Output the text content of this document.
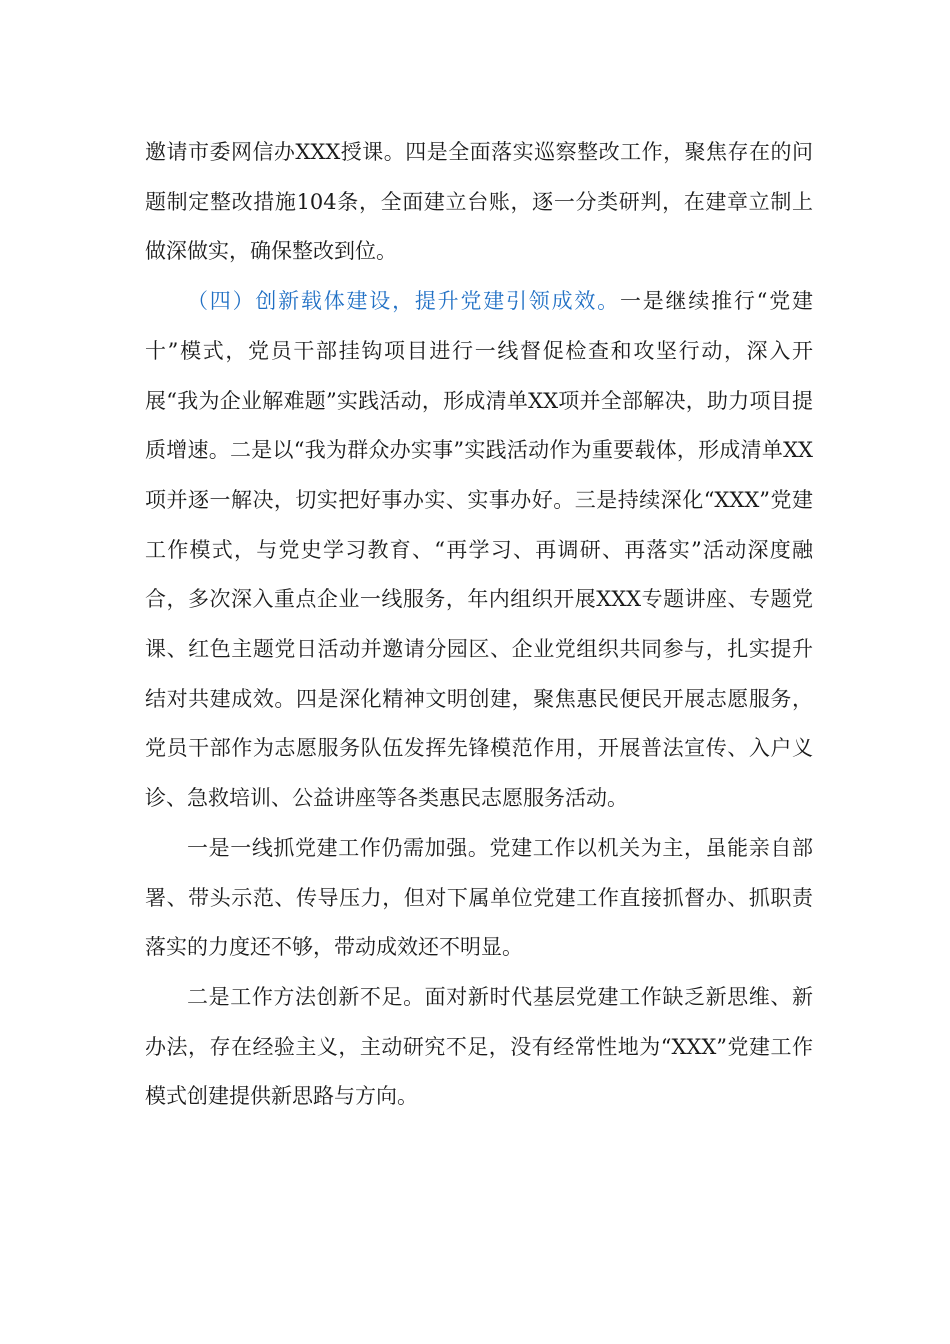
邀请市委网信办XXX授课。四是全面落实巡察整改工作，聚焦存在的问题制定整改措施104条，全面建立台账，逐一分类研判，在建章立制上做深做实，确保整改到位。

（四）创新载体建设，提升党建引领成效。一是继续推行“党建十”模式，党员干部挂钩项目进行一线督促检查和攻坚行动，深入开展“我为企业解难题”实践活动，形成清单XX项并全部解决，助力项目提质增速。二是以“我为群众办实事”实践活动作为重要载体，形成清单XX项并逐一解决，切实把好事办实、实事办好。三是持续深化“XXX”党建工作模式，与党史学习教育、“再学习、再调研、再落实”活动深度融合，多次深入重点企业一线服务，年内组织开展XXX专题讲座、专题党课、红色主题党日活动并邀请分园区、企业党组织共同参与，扎实提升结对共建成效。四是深化精神文明创建，聚焦惠民便民开展志愿服务，党员干部作为志愿服务队伍发挥先锋模范作用，开展普法宣传、入户义诊、急救培训、公益讲座等各类惠民志愿服务活动。

一是一线抓党建工作仍需加强。党建工作以机关为主，虽能亲自部署、带头示范、传导压力，但对下属单位党建工作直接抓督办、抓职责落实的力度还不够，带动成效还不明显。

二是工作方法创新不足。面对新时代基层党建工作缺乏新思维、新办法，存在经验主义，主动研究不足，没有经常性地为“XXX”党建工作模式创建提供新思路与方向。
